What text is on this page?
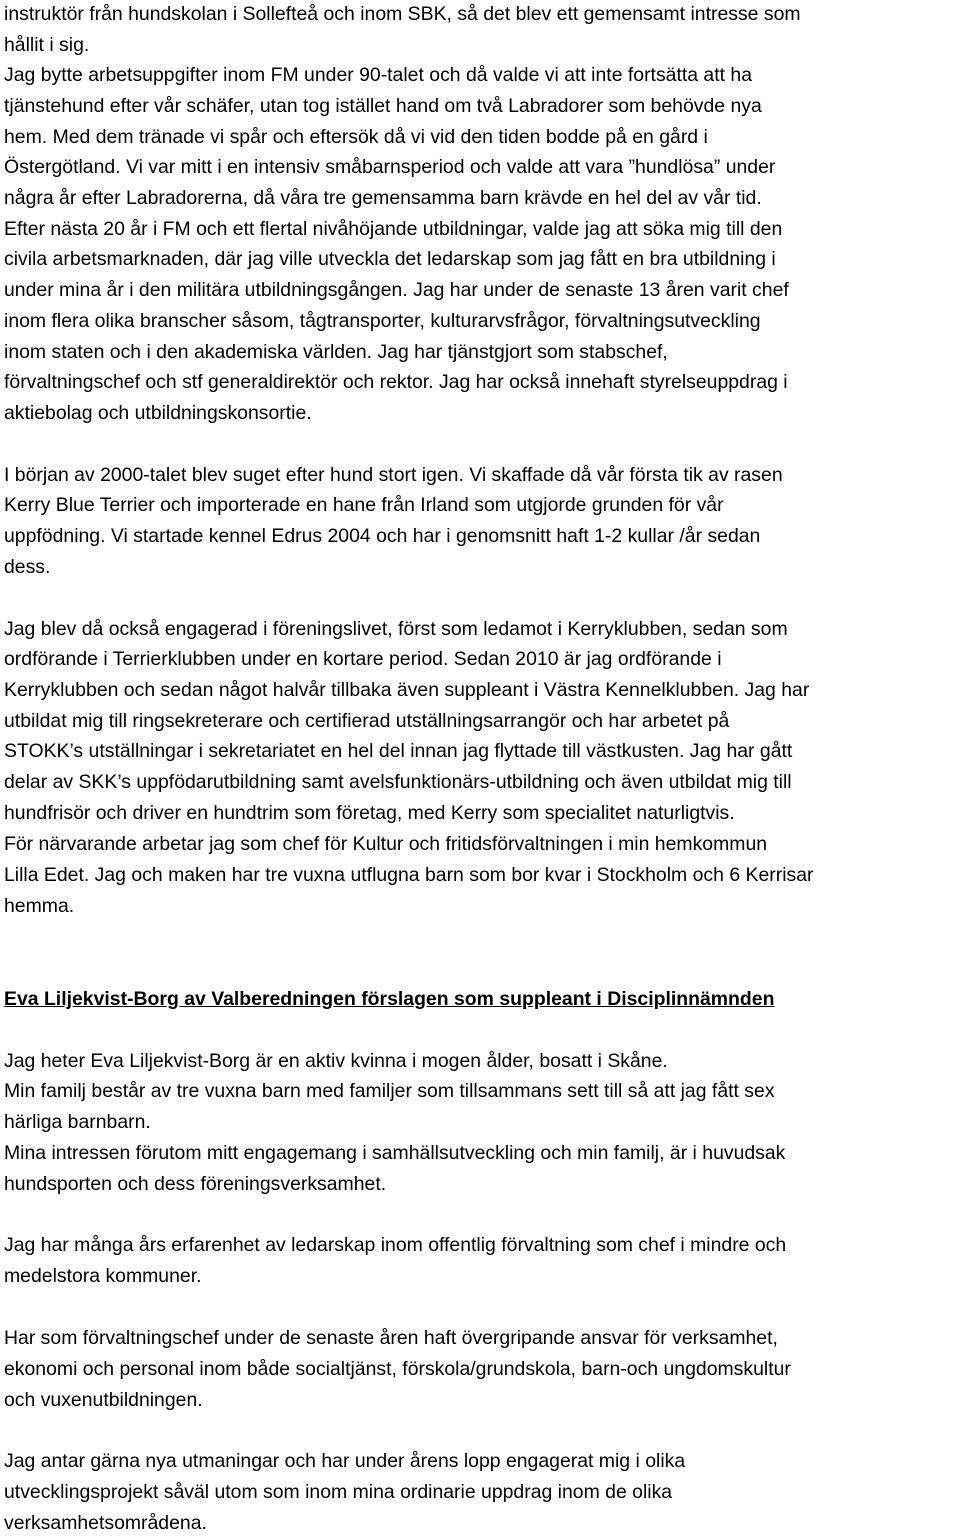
instruktör från hundskolan i Sollefteå och inom SBK, så det blev ett gemensamt intresse som
hållit i sig.
Jag bytte arbetsuppgifter inom FM under 90-talet och då valde vi att inte fortsätta att ha
tjänstehund efter vår schäfer, utan tog istället hand om två Labradorer som behövde nya
hem. Med dem tränade vi spår och eftersök då vi vid den tiden bodde på en gård i
Östergötland. Vi var mitt i en intensiv småbarnsperiod och valde att vara ”hundlösa” under
några år efter Labradorerna, då våra tre gemensamma barn krävde en hel del av vår tid.
Efter nästa 20 år i FM och ett flertal nivåhöjande utbildningar, valde jag att söka mig till den
civila arbetsmarknaden, där jag ville utveckla det ledarskap som jag fått en bra utbildning i
under mina år i den militära utbildningsgången. Jag har under de senaste 13 åren varit chef
inom flera olika branscher såsom, tågtransporter, kulturarvsfrågor, förvaltningsutveckling
inom staten och i den akademiska världen. Jag har tjänstgjort som stabschef,
förvaltningschef och stf generaldirektör och rektor. Jag har också innehaft styrelseuppdrag i
aktiebolag och utbildningskonsortie.
I början av 2000-talet blev suget efter hund stort igen. Vi skaffade då vår första tik av rasen
Kerry Blue Terrier och importerade en hane från Irland som utgjorde grunden för vår
uppfödning. Vi startade kennel Edrus 2004 och har i genomsnitt haft 1-2 kullar /år sedan
dess.
Jag blev då också engagerad i föreningslivet, först som ledamot i Kerryklubben, sedan som
ordförande i Terrierklubben under en kortare period. Sedan 2010 är jag ordförande i
Kerryklubben och sedan något halvår tillbaka även suppleant i Västra Kennelklubben. Jag har
utbildat mig till ringsekreterare och certifierad utställningsarrangör och har arbetet på
STOKK’s utställningar i sekretariatet en hel del innan jag flyttade till västkusten. Jag har gått
delar av SKK’s uppfödarutbildning samt avelsfunktionärs-utbildning och även utbildat mig till
hundfrisör och driver en hundtrim som företag, med Kerry som specialitet naturligtvis.
För närvarande arbetar jag som chef för Kultur och fritidsförvaltningen i min hemkommun
Lilla Edet. Jag och maken har tre vuxna utflugna barn som bor kvar i Stockholm och 6 Kerrisar
hemma.
Eva Liljekvist-Borg av Valberedningen förslagen som suppleant i Disciplinnämnden
Jag heter Eva Liljekvist-Borg är en aktiv kvinna i mogen ålder, bosatt i Skåne.
Min familj består av tre vuxna barn med familjer som tillsammans sett till så att jag fått sex
härliga barnbarn.
Mina intressen förutom mitt engagemang i samhällsutveckling och min familj, är i huvudsak
hundsporten och dess föreningsverksamhet.
Jag har många års erfarenhet av ledarskap inom offentlig förvaltning som chef i mindre och
medelstora kommuner.
Har som förvaltningschef under de senaste åren haft övergripande ansvar för verksamhet,
ekonomi och personal inom både socialtjänst, förskola/grundskola, barn-och ungdomskultur
och vuxenutbildningen.
Jag antar gärna nya utmaningar och har under årens lopp engagerat mig i olika
utvecklingsprojekt såväl utom som inom mina ordinarie uppdrag inom de olika
verksamhetsområdena.
